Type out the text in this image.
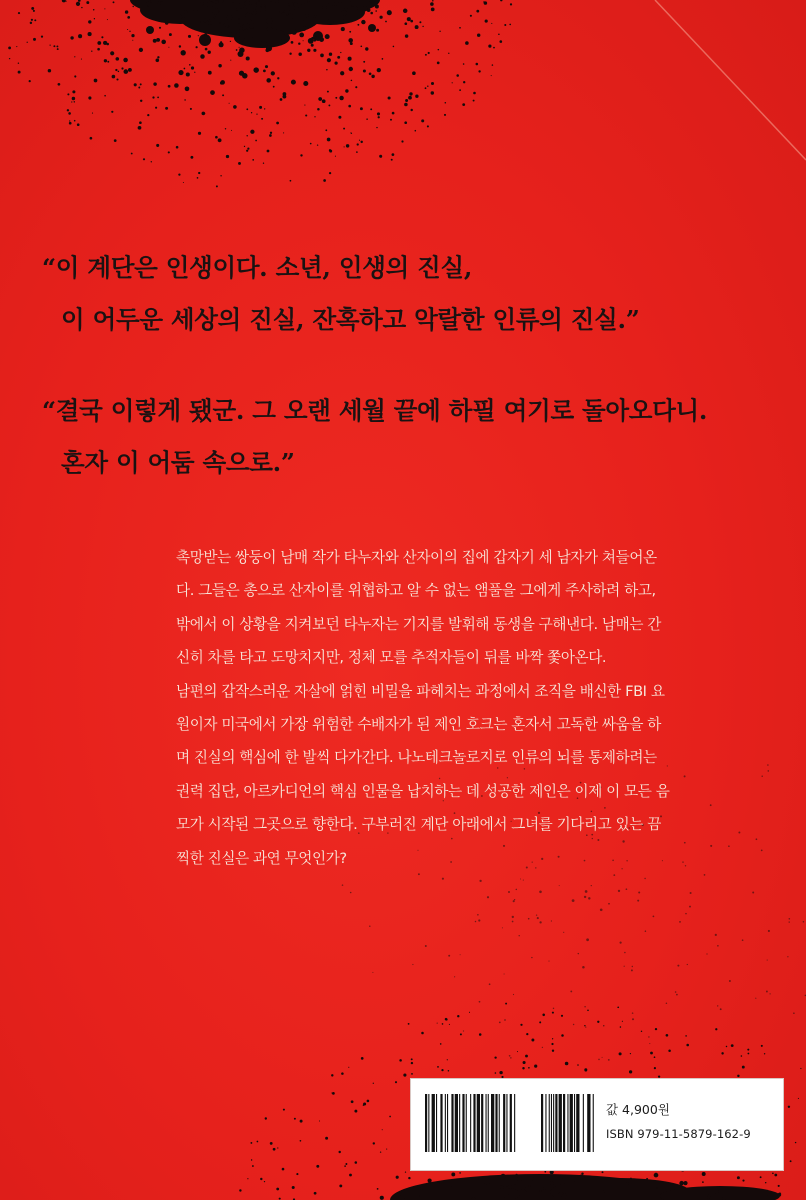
“이 계단은 인생이다. 소년, 인생의 진실,
이 어두운 세상의 진실, 잔혹하고 악랄한 인류의 진실.”
“결국 이렇게 됐군. 그 오랜 세월 끝에 하필 여기로 돌아오다니.
혼자 이 어둠 속으로.”
촉망받는 쌍둥이 남매 작가 타누자와 산자이의 집에 갑자기 세 남자가 쳐들어온
다. 그들은 총으로 산자이를 위협하고 알 수 없는 앰풀을 그에게 주사하려 하고,
밖에서 이 상황을 지켜보던 타누자는 기지를 발휘해 동생을 구해낸다. 남매는 간
신히 차를 타고 도망치지만, 정체 모를 추적자들이 뒤를 바짝 쫓아온다.
남편의 갑작스러운 자살에 얽힌 비밀을 파헤치는 과정에서 조직을 배신한 FBI 요
원이자 미국에서 가장 위험한 수배자가 된 제인 호크는 혼자서 고독한 싸움을 하
며 진실의 핵심에 한 발씩 다가간다. 나노테크놀로지로 인류의 뇌를 통제하려는
권력 집단, 아르카디언의 핵심 인물을 납치하는 데 성공한 제인은 이제 이 모든 음
모가 시작된 그곳으로 향한다. 구부러진 계단 아래에서 그녀를 기다리고 있는 끔
찍한 진실은 과연 무엇인가?
값 4,900원
ISBN 979-11-5879-162-9
